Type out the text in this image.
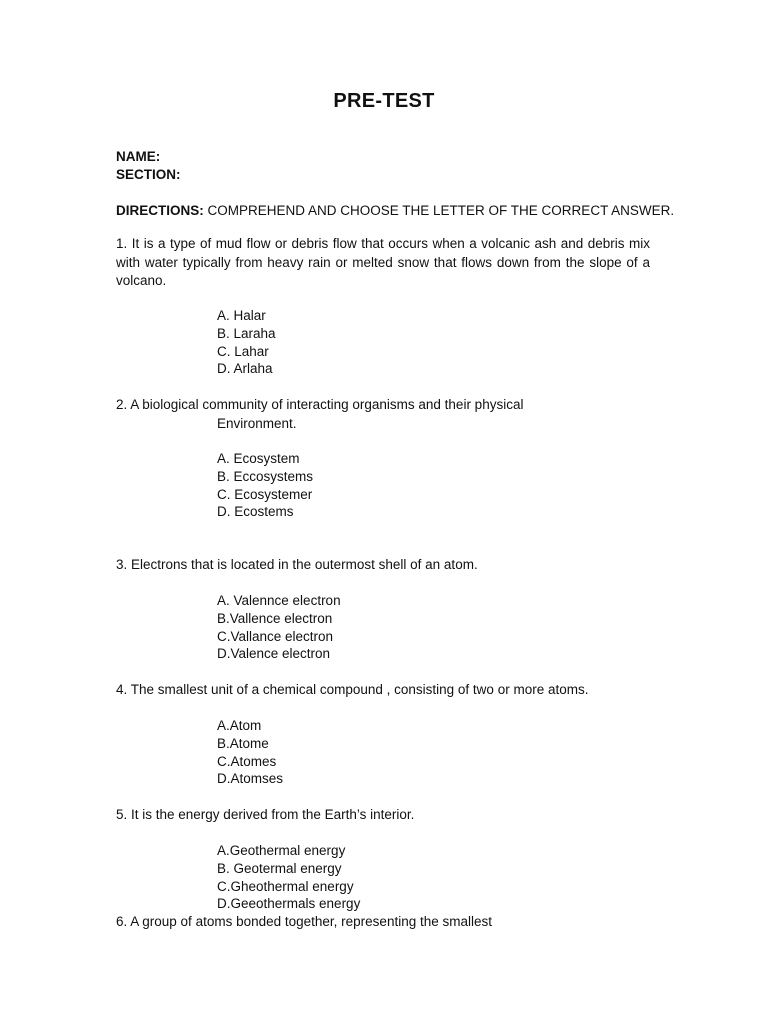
PRE-TEST
NAME:
SECTION:
DIRECTIONS: COMPREHEND AND CHOOSE THE LETTER OF THE CORRECT ANSWER.
1. It is a type of mud flow or debris flow that occurs when a volcanic ash and debris mix with water typically from heavy rain or melted snow that flows down from the slope of a volcano.
A. Halar
B. Laraha
C. Lahar
D. Arlaha
2. A biological community of interacting organisms and their physical
Environment.
A. Ecosystem
B. Eccosystems
C. Ecosystemer
D. Ecostems
3. Electrons that is located in the outermost shell of an atom.
A. Valennce electron
B.Vallence electron
C.Vallance electron
D.Valence electron
4. The smallest unit of a chemical compound , consisting of two or more atoms.
A.Atom
B.Atome
C.Atomes
D.Atomses
5. It is the energy derived from the Earth’s interior.
A.Geothermal energy
B. Geotermal energy
C.Gheothermal energy
D.Geeothermals energy
6. A group of atoms bonded together, representing the smallest
